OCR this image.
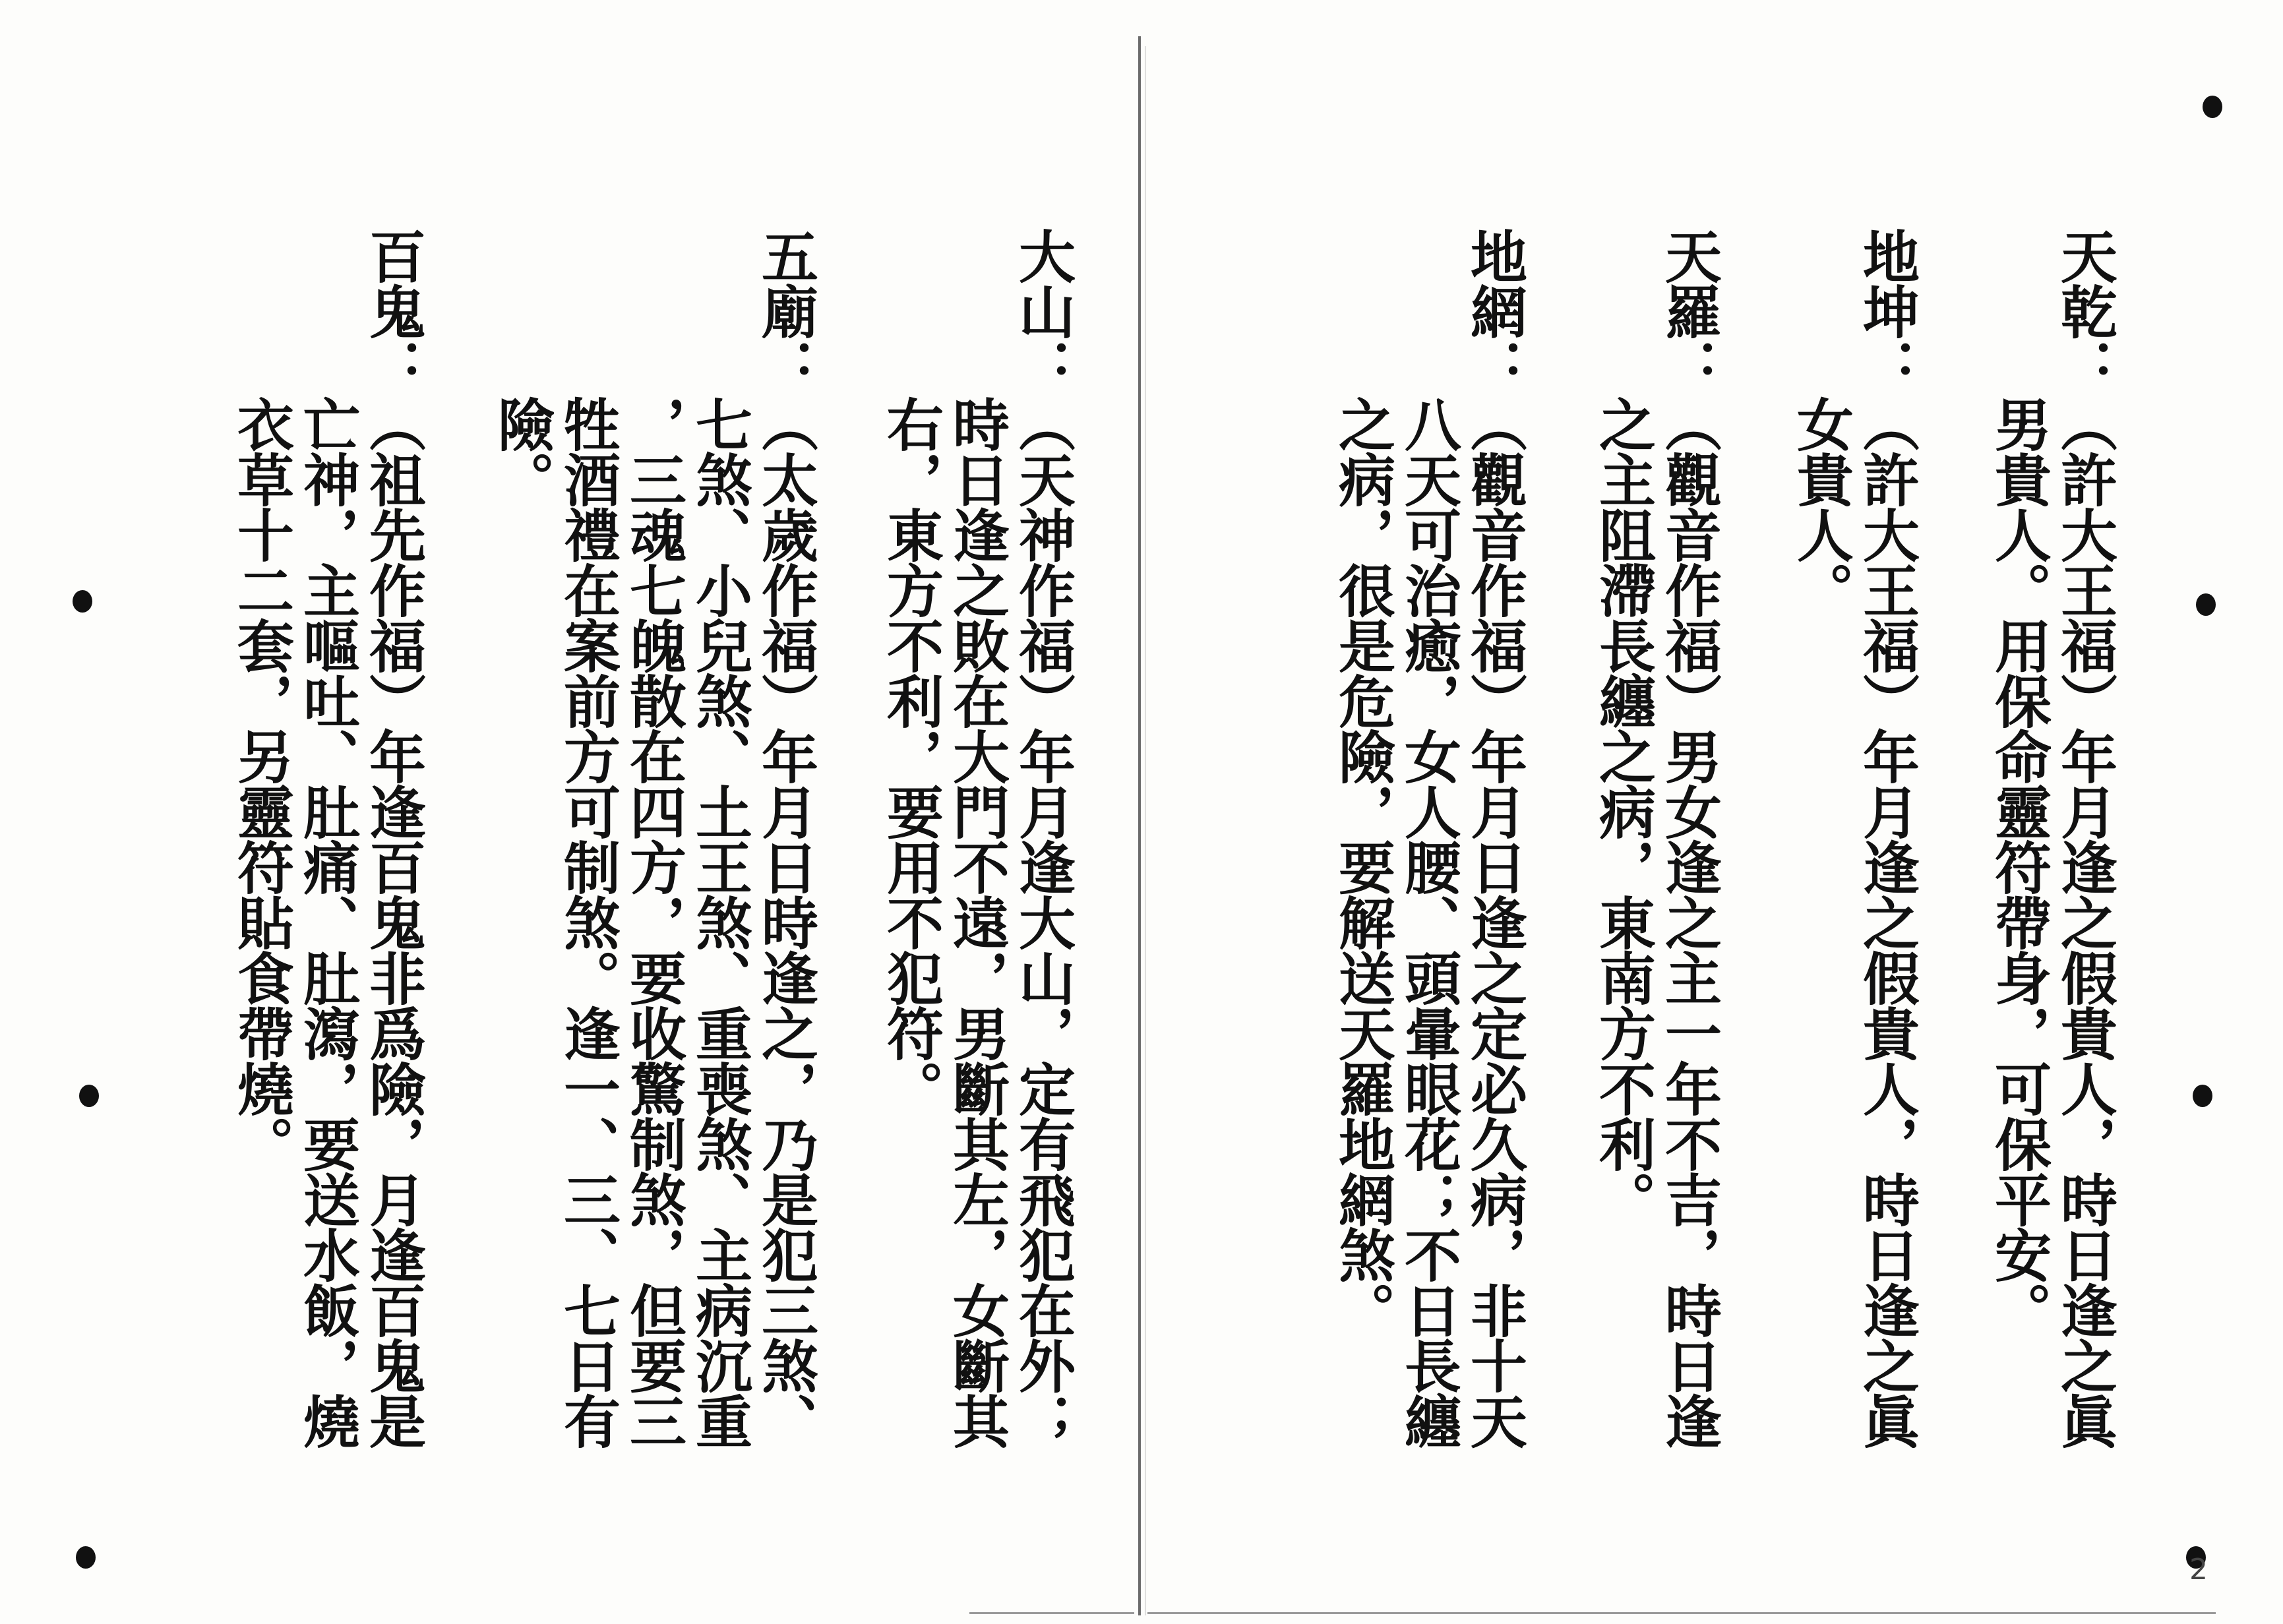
天乾：
（許大王福）年月逢之假貴人，時日逢之眞
男貴人。用保命靈符帶身，可保平安。
地坤：
（許大王福）年月逢之假貴人，時日逢之眞
女貴人。
天羅：
（觀音作福）男女逢之主一年不吉，時日逢
之主阻滯長纏之病，東南方不利。
地網：
（觀音作福）年月日逢之定必久病，非十天
八天可治癒，女人腰、頭暈眼花；不日長纏
之病，很是危險，要解送天羅地網煞。
大山：
（天神作福）年月逢大山，定有飛犯在外；
時日逢之敗在大門不遠，男斷其左，女斷其
右，東方不利，要用不犯符。
五廟：
（太歲作福）年月日時逢之，乃是犯三煞、
七煞、小兒煞、土王煞、重喪煞、主病沉重
，三魂七魄散在四方，要收驚制煞，但要三
牲酒禮在案前方可制煞。逢一、三、七日有
險。
百鬼：
（祖先作福）年逢百鬼非爲險，月逢百鬼是
亡神，主嘔吐、肚痛、肚瀉，要送水飯，燒
衣草十二套，另靈符貼食帶燒。
2
